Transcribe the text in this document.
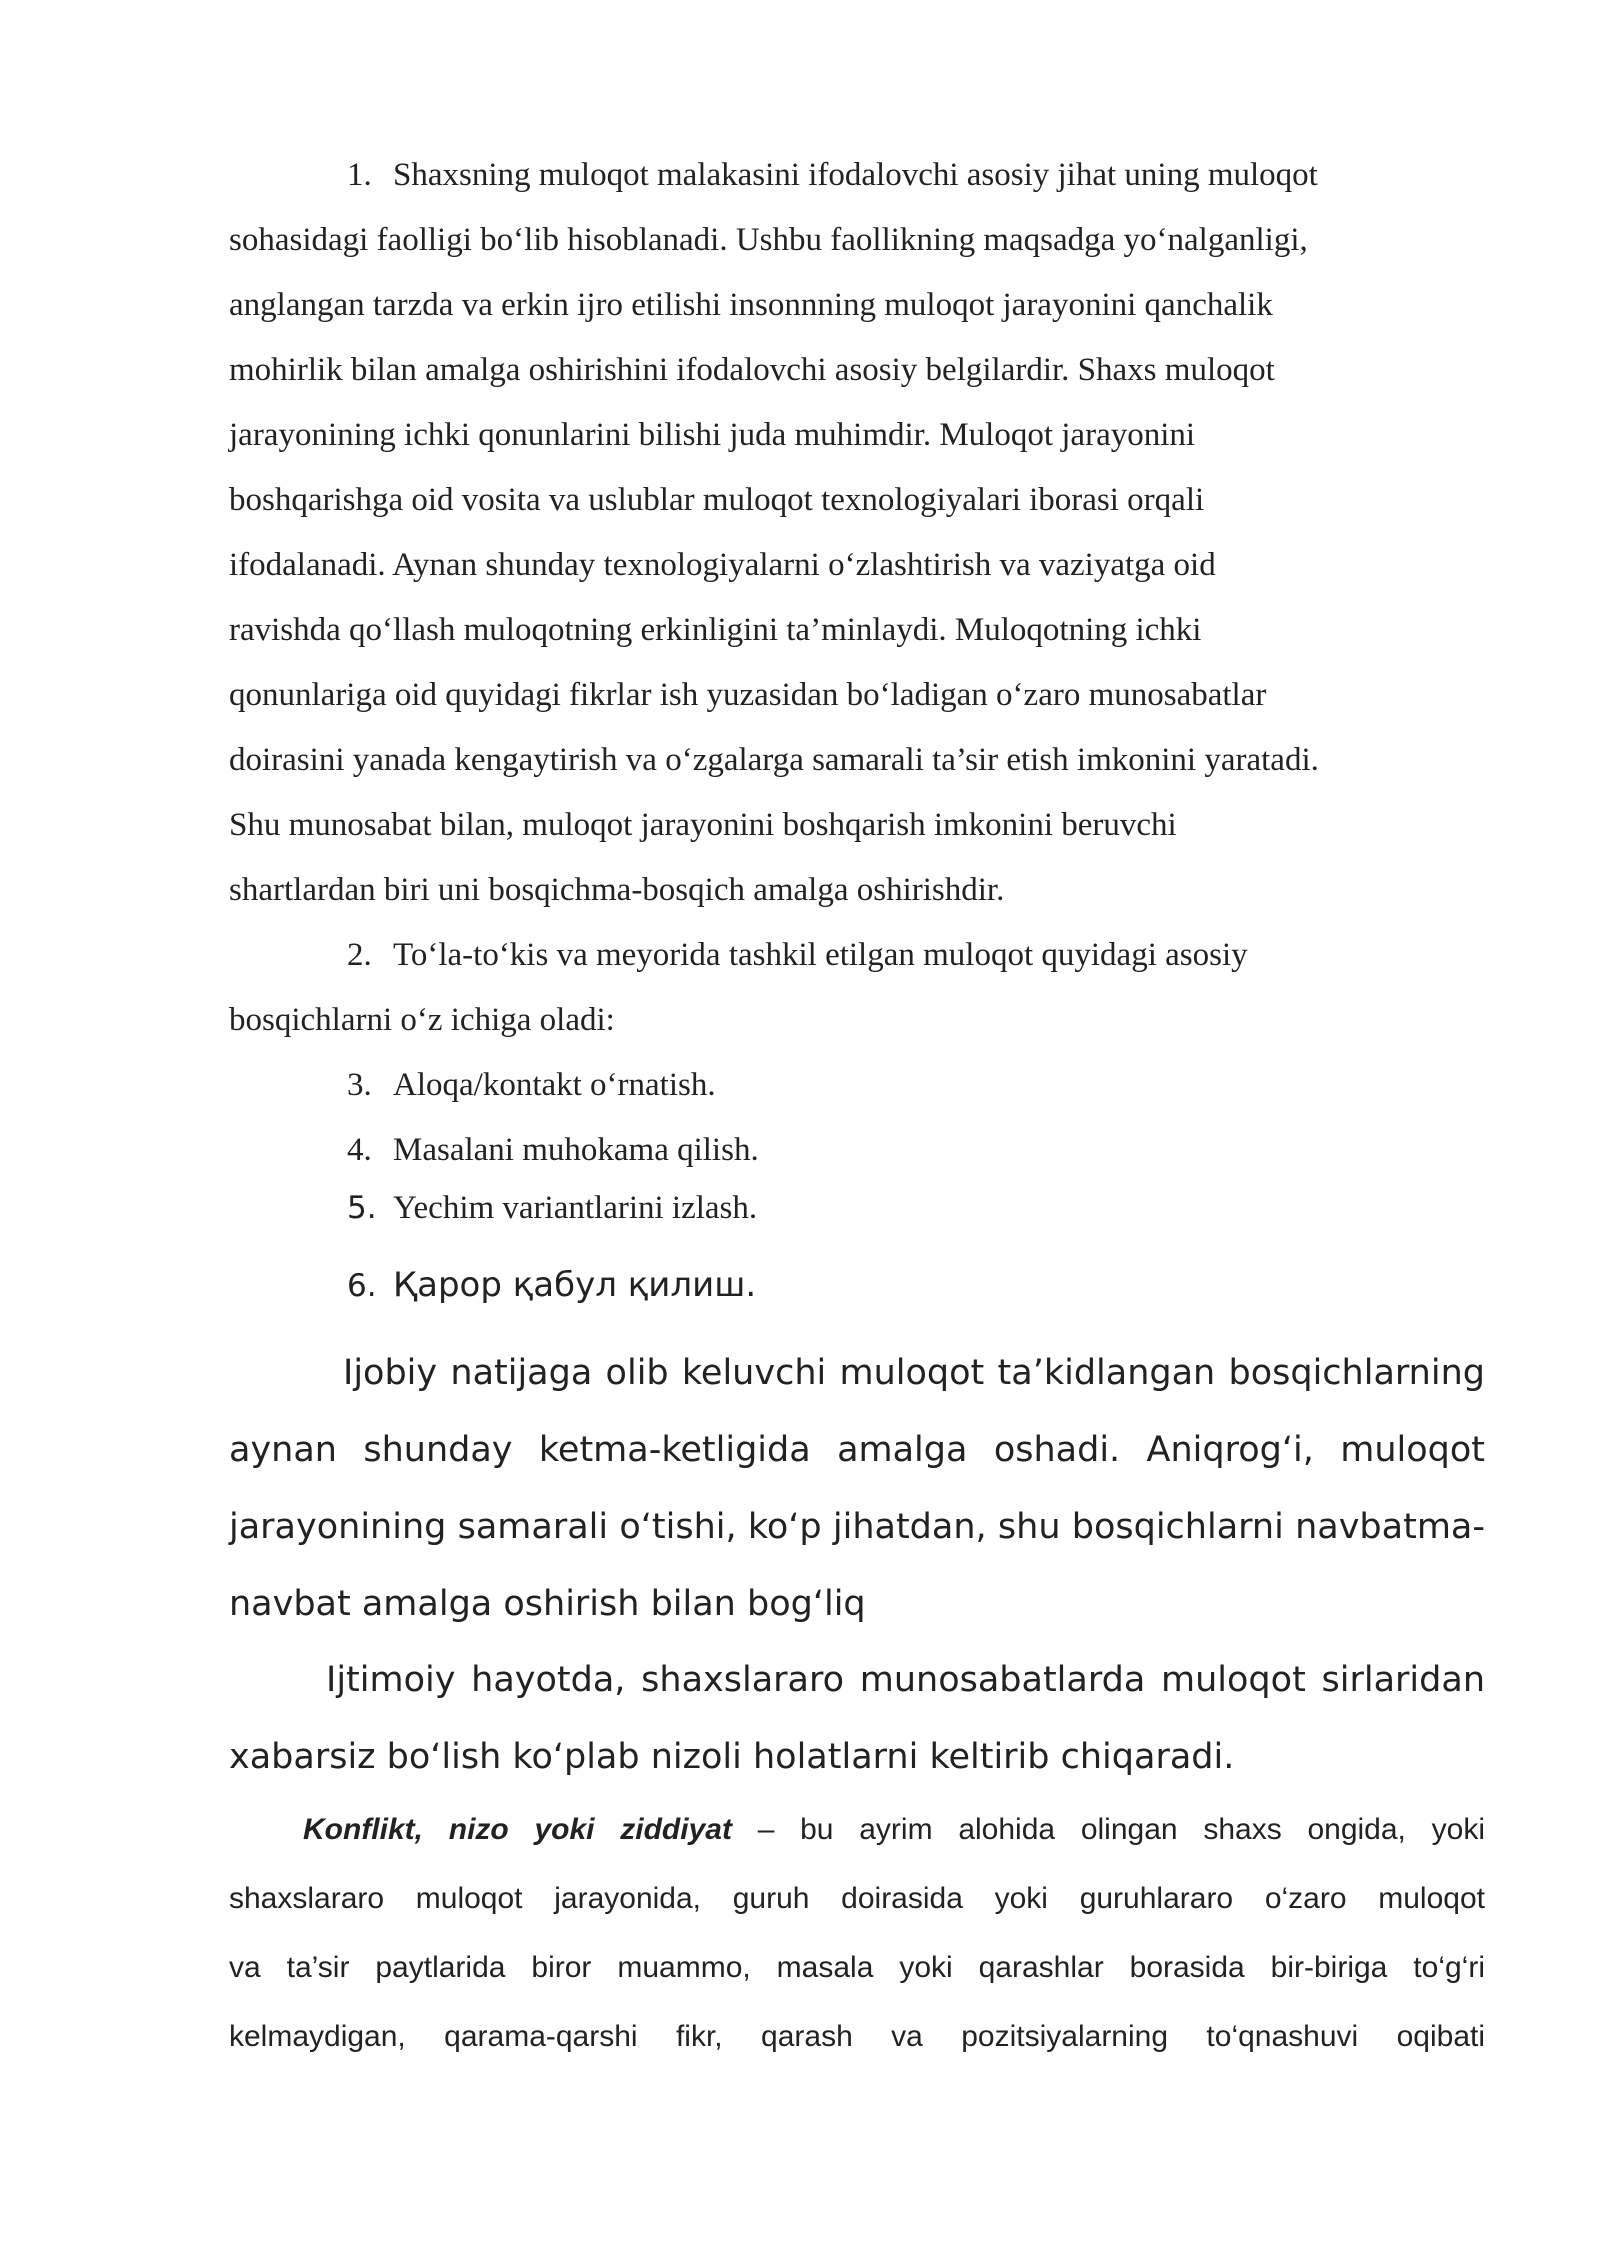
1. Shaxsning muloqot malakasini ifodalovchi asosiy jihat uning muloqot
sohasidagi faolligi bo‘lib hisoblanadi. Ushbu faollikning maqsadga yo‘nalganligi,
anglangan tarzda va erkin ijro etilishi insonnning muloqot jarayonini qanchalik
mohirlik bilan amalga oshirishini ifodalovchi asosiy belgilardir. Shaxs muloqot
jarayonining ichki qonunlarini bilishi juda muhimdir. Muloqot jarayonini
boshqarishga oid vosita va uslublar muloqot texnologiyalari iborasi orqali
ifodalanadi. Aynan shunday texnologiyalarni o‘zlashtirish va vaziyatga oid
ravishda qo‘llash muloqotning erkinligini ta’minlaydi. Muloqotning ichki
qonunlariga oid quyidagi fikrlar ish yuzasidan bo‘ladigan o‘zaro munosabatlar
doirasini yanada kengaytirish va o‘zgalarga samarali ta’sir etish imkonini yaratadi.
Shu munosabat bilan, muloqot jarayonini boshqarish imkonini beruvchi
shartlardan biri uni bosqichma-bosqich amalga oshirishdir.
2. To‘la-to‘kis va meyorida tashkil etilgan muloqot quyidagi asosiy
bosqichlarni o‘z ichiga oladi:
3. Aloqa/kontakt o‘rnatish.
4. Masalani muhokama qilish.
5. Yechim variantlarini izlash.
6. Қарор қабул қилиш.
Ijobiy natijaga olib keluvchi muloqot ta’kidlangan bosqichlarning
aynan shunday ketma-ketligida amalga oshadi. Aniqrog‘i, muloqot
jarayonining samarali o‘tishi, ko‘p jihatdan, shu bosqichlarni navbatma-
navbat amalga oshirish bilan bog‘liq
Ijtimoiy hayotda, shaxslararo munosabatlarda muloqot sirlaridan
xabarsiz bo‘lish ko‘plab nizoli holatlarni keltirib chiqaradi.
Konflikt, nizo yoki ziddiyat – bu ayrim alohida olingan shaxs ongida, yoki
shaxslararo muloqot jarayonida, guruh doirasida yoki guruhlararo o‘zaro muloqot
va ta’sir paytlarida biror muammo, masala yoki qarashlar borasida bir-biriga to‘g‘ri
kelmaydigan, qarama-qarshi fikr, qarash va pozitsiyalarning to‘qnashuvi oqibati
